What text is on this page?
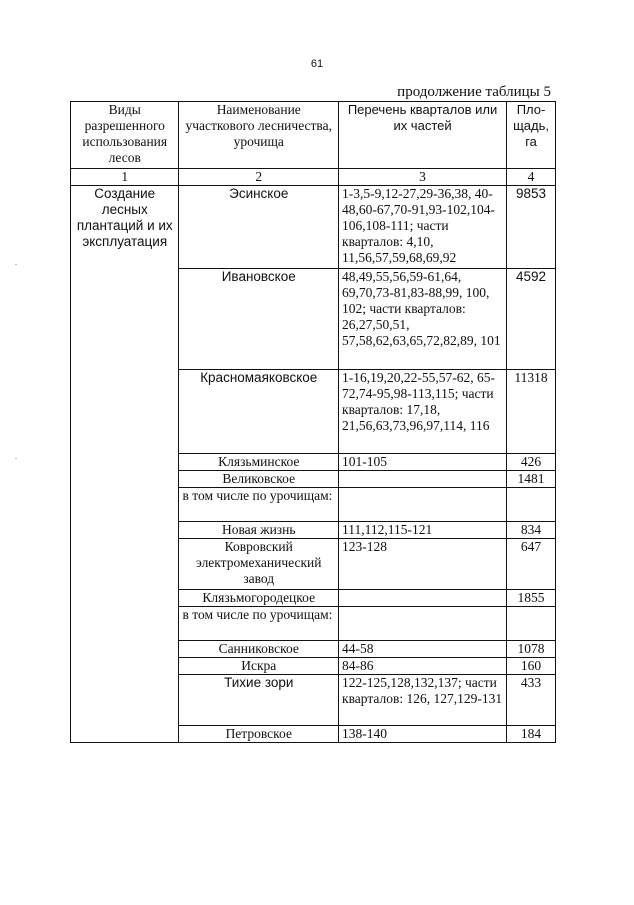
61
продолжение таблицы 5
Виды разрешенного использования лесов	Наименование участкового лесничества, урочища	Перечень кварталов или их частей	Пло-щадь, га
1	2	3	4
Создание лесных плантаций и их эксплуатация	Эсинское	1-3,5-9,12-27,29-36,38, 40-48,60-67,70-91,93-102,104-106,108-111; части кварталов: 4,10, 11,56,57,59,68,69,92	9853
	Ивановское	48,49,55,56,59-61,64, 69,70,73-81,83-88,99, 100, 102; части кварталов: 26,27,50,51, 57,58,62,63,65,72,82,89, 101	4592
	Красномаяковское	1-16,19,20,22-55,57-62, 65-72,74-95,98-113,115; части кварталов: 17,18, 21,56,63,73,96,97,114, 116	11318
	Клязьминское	101-105	426
	Великовское		1481
	в том числе по урочищам:		
	Новая жизнь	111,112,115-121	834
	Ковровский электромеханический завод	123-128	647
	Клязьмогородецкое		1855
	в том числе по урочищам:		
	Санниковское	44-58	1078
	Искра	84-86	160
	Тихие зори	122-125,128,132,137; части кварталов: 126, 127,129-131	433
	Петровское	138-140	184
